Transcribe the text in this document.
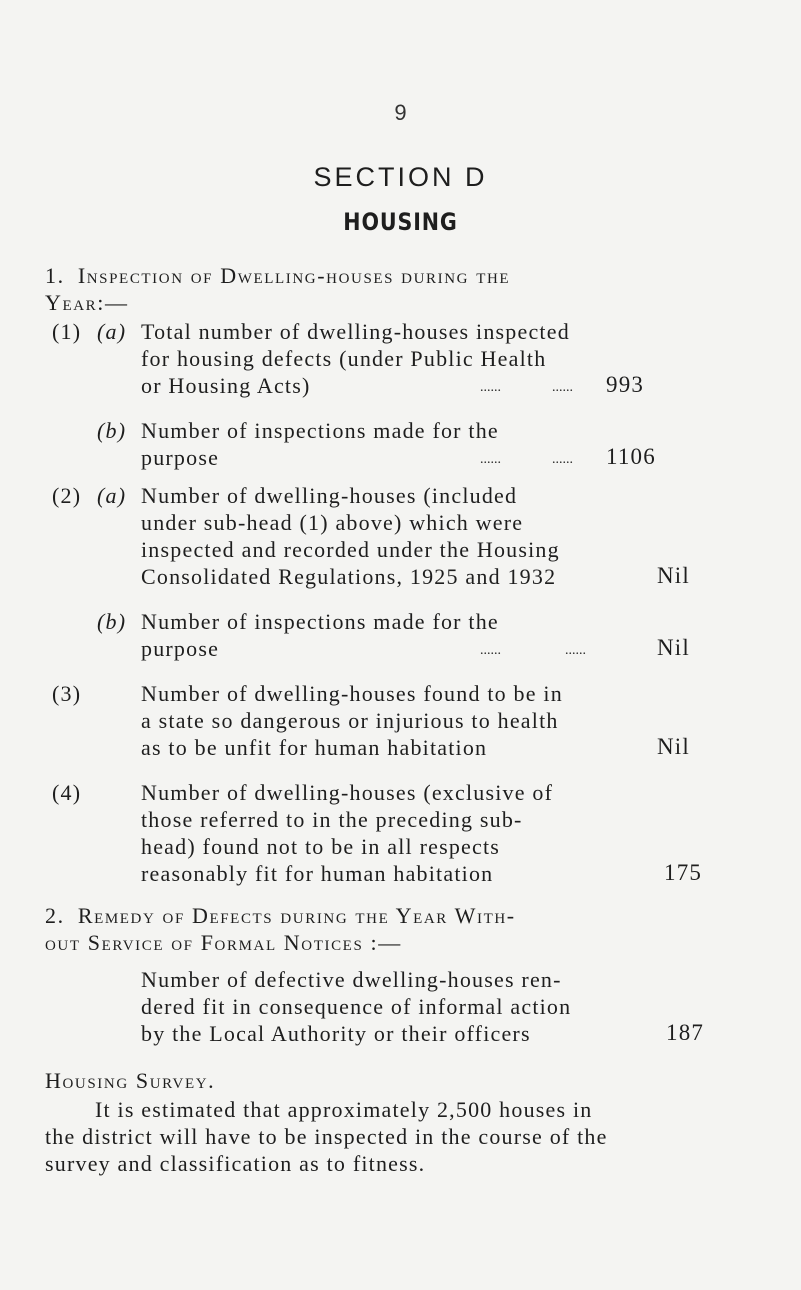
9
SECTION D
HOUSING
1. Inspection of Dwelling-houses during the
Year:—
(1) (a) Total number of dwelling-houses inspected
for housing defects (under Public Health
or Housing Acts)	......	...... 993
(b) Number of inspections made for the
purpose	......	...... 1106
(2) (a) Number of dwelling-houses (included
under sub-head (1) above) which were
inspected and recorded under the Housing
Consolidated Regulations, 1925 and 1932	Nil
(b) Number of inspections made for the
purpose	......	......	Nil
(3)	Number of dwelling-houses found to be in
a state so dangerous or injurious to health
as to be unfit for human habitation	Nil
(4)	Number of dwelling-houses (exclusive of
those referred to in the preceding sub-
head) found not to be in all respects
reasonably fit for human habitation	175
2. Remedy of Defects during the Year With-
out Service of Formal Notices :—
Number of defective dwelling-houses ren-
dered fit in consequence of informal action
by the Local Authority or their officers	187
Housing Survey.
It is estimated that approximately 2,500 houses in
the district will have to be inspected in the course of the
survey and classification as to fitness.
